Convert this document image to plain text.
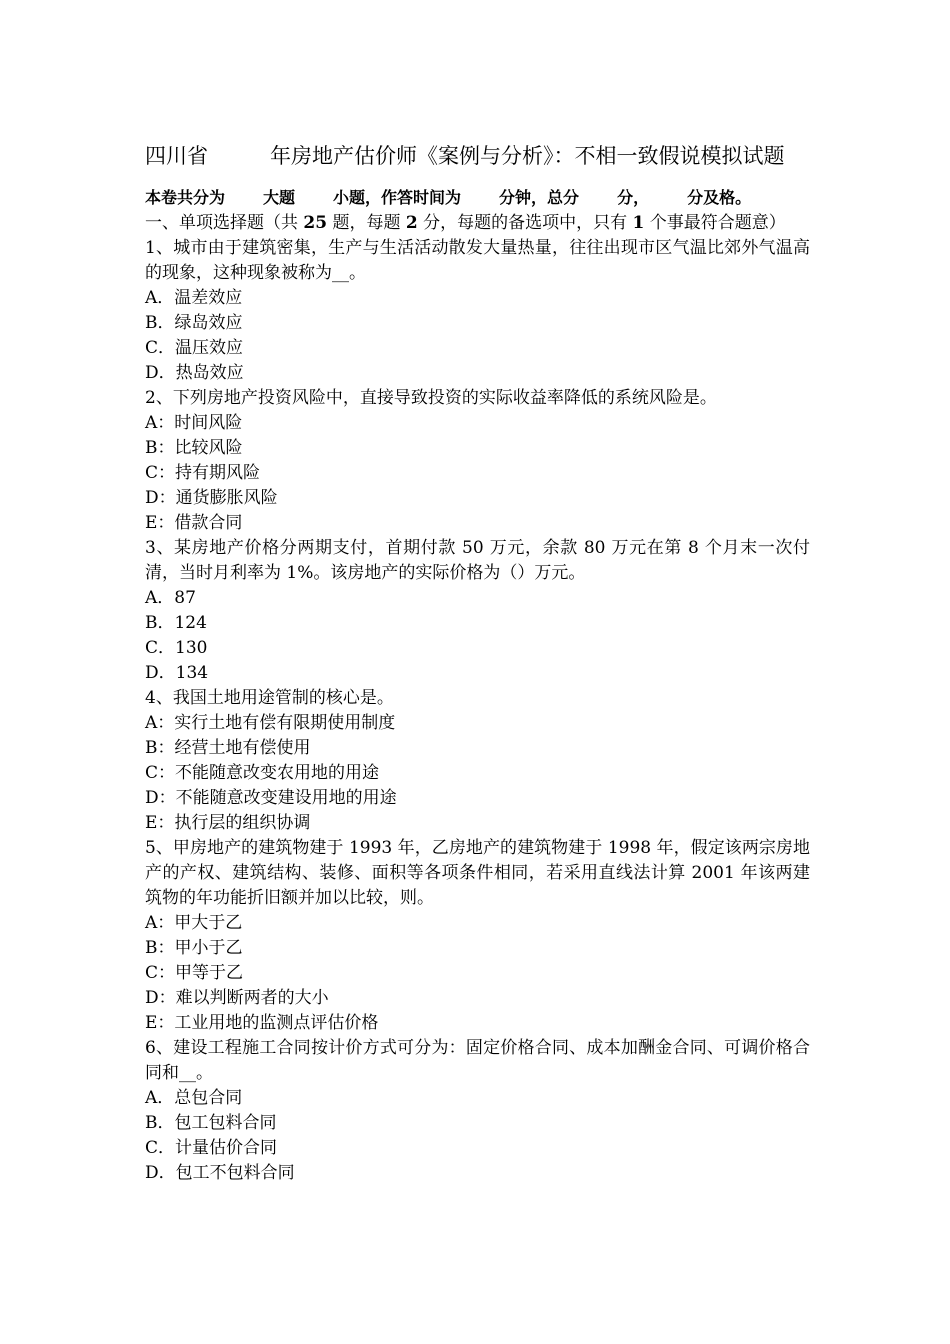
四川省	年房地产估价师《案例与分析》：不相一致假说模拟试题
本卷共分为 大题 小题，作答时间为 分钟，总分 分， 分及格。

一、单项选择题（共 25 题，每题 2 分，每题的备选项中，只有 1 个事最符合题意）

1、城市由于建筑密集，生产与生活活动散发大量热量，往往出现市区气温比郊外气温高的现象，这种现象被称为__。

A．温差效应

B．绿岛效应

C．温压效应

D．热岛效应

2、下列房地产投资风险中，直接导致投资的实际收益率降低的系统风险是。

A：时间风险

B：比较风险

C：持有期风险

D：通货膨胀风险

E：借款合同

3、某房地产价格分两期支付，首期付款 50 万元，余款 80 万元在第 8 个月末一次付清，当时月利率为 1%。该房地产的实际价格为（）万元。

A．87

B．124

C．130

D．134

4、我国土地用途管制的核心是。

A：实行土地有偿有限期使用制度

B：经营土地有偿使用

C：不能随意改变农用地的用途

D：不能随意改变建设用地的用途

E：执行层的组织协调

5、甲房地产的建筑物建于 1993 年，乙房地产的建筑物建于 1998 年，假定该两宗房地产的产权、建筑结构、装修、面积等各项条件相同，若采用直线法计算 2001 年该两建筑物的年功能折旧额并加以比较，则。

A：甲大于乙

B：甲小于乙

C：甲等于乙

D：难以判断两者的大小

E：工业用地的监测点评估价格

6、建设工程施工合同按计价方式可分为：固定价格合同、成本加酬金合同、可调价格合同和__。

A．总包合同

B．包工包料合同

C．计量估价合同

D．包工不包料合同
